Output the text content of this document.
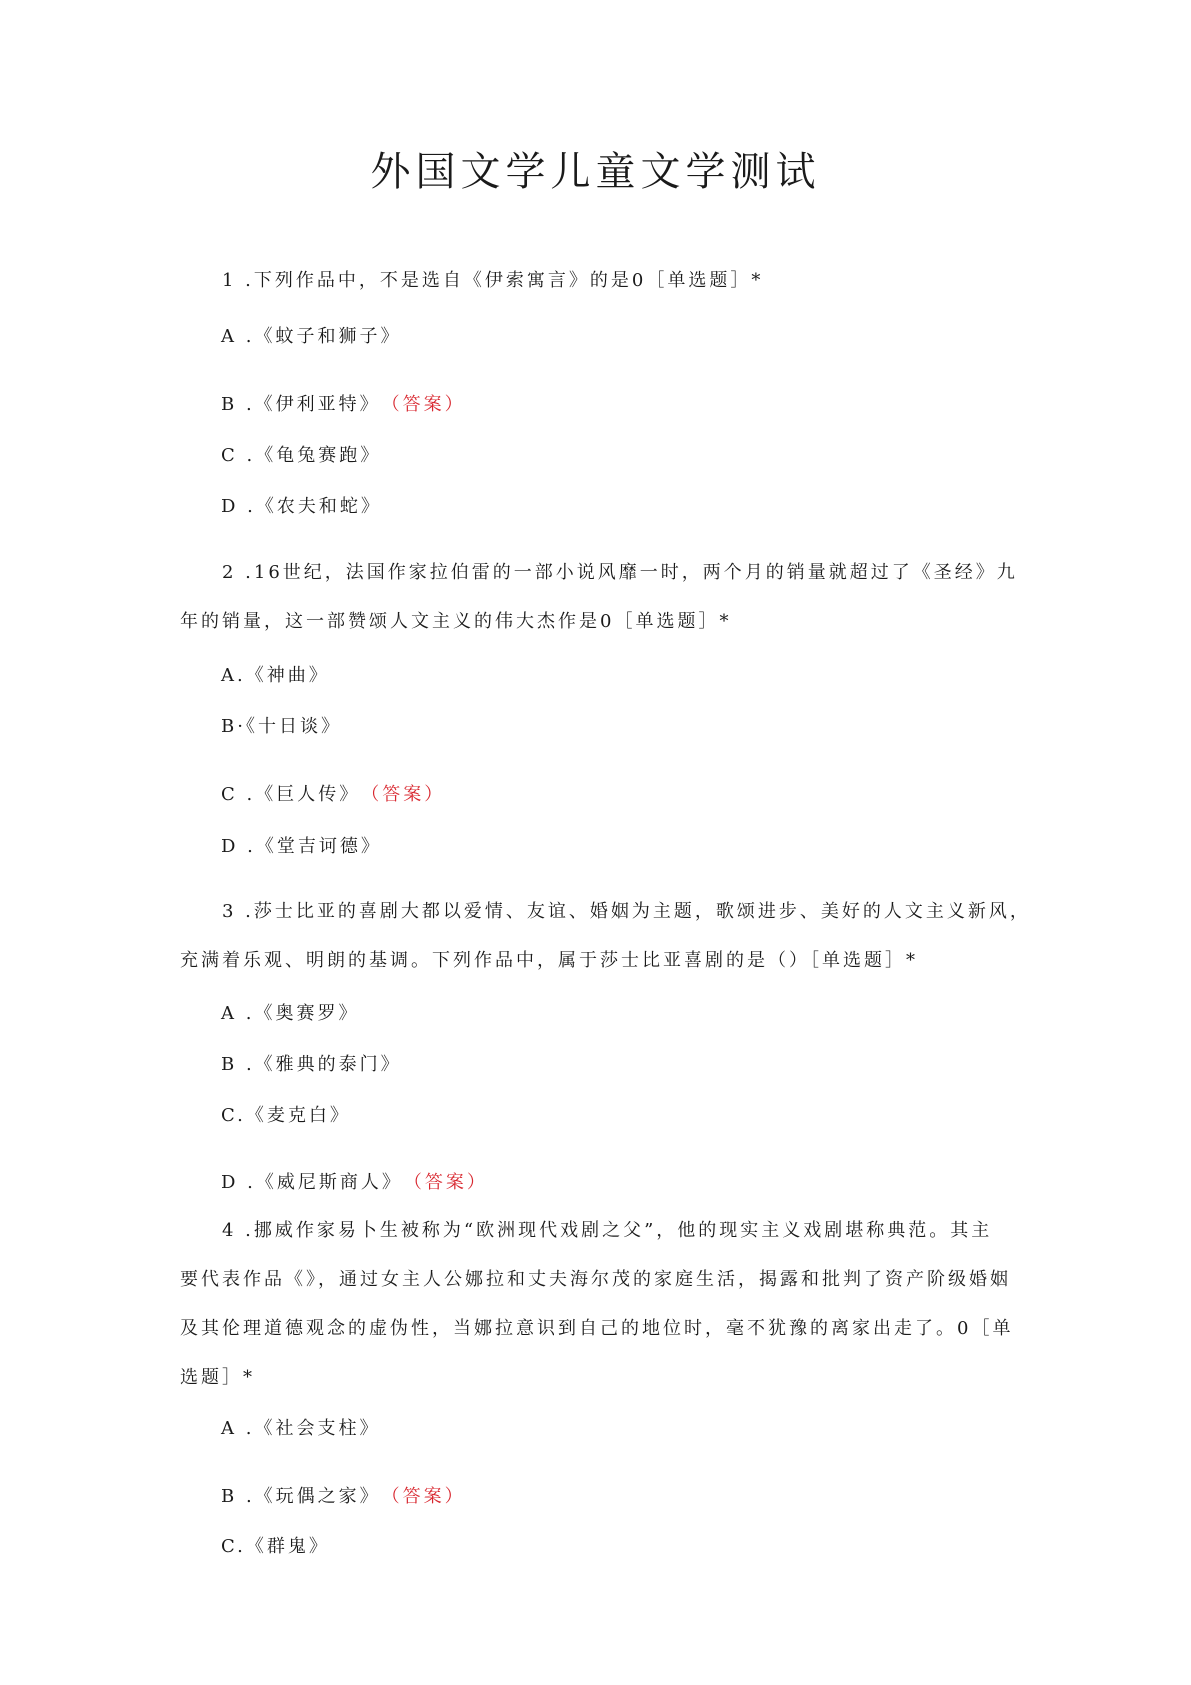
外国文学儿童文学测试
1 .下列作品中，不是选自《伊索寓言》的是0［单选题］*
A .《蚊子和狮子》
B .《伊利亚特》 （答案）
C .《龟兔赛跑》
D .《农夫和蛇》
2 .16世纪，法国作家拉伯雷的一部小说风靡一时，两个月的销量就超过了《圣经》九
年的销量，这一部赞颂人文主义的伟大杰作是0［单选题］*
A.《神曲》
B·《十日谈》
C .《巨人传》 （答案）
D .《堂吉诃德》
3 .莎士比亚的喜剧大都以爱情、友谊、婚姻为主题，歌颂进步、美好的人文主义新风，
充满着乐观、明朗的基调。下列作品中，属于莎士比亚喜剧的是（）［单选题］*
A .《奥赛罗》
B .《雅典的泰门》
C.《麦克白》
D .《威尼斯商人》 （答案）
4 .挪威作家易卜生被称为“欧洲现代戏剧之父”，他的现实主义戏剧堪称典范。其主
要代表作品《》，通过女主人公娜拉和丈夫海尔茂的家庭生活，揭露和批判了资产阶级婚姻
及其伦理道德观念的虚伪性，当娜拉意识到自己的地位时，毫不犹豫的离家出走了。0［单
选题］*
A .《社会支柱》
B .《玩偶之家》 （答案）
C.《群鬼》
